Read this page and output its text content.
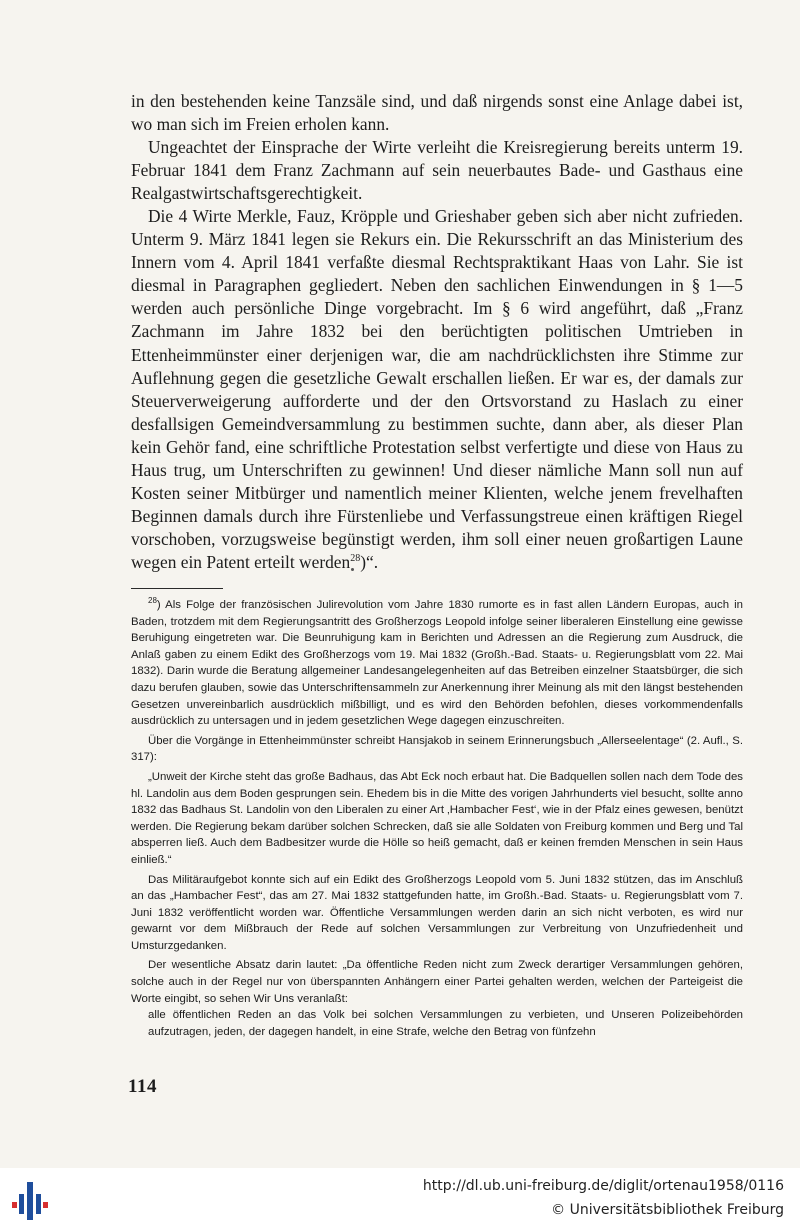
in den bestehenden keine Tanzsäle sind, und daß nirgends sonst eine Anlage dabei ist, wo man sich im Freien erholen kann.

Ungeachtet der Einsprache der Wirte verleiht die Kreisregierung bereits unterm 19. Februar 1841 dem Franz Zachmann auf sein neuerbautes Bade- und Gasthaus eine Realgastwirtschaftsgerechtigkeit.

Die 4 Wirte Merkle, Fauz, Kröpple und Grieshaber geben sich aber nicht zufrieden. Unterm 9. März 1841 legen sie Rekurs ein. Die Rekursschrift an das Ministerium des Innern vom 4. April 1841 verfaßte diesmal Rechtspraktikant Haas von Lahr. Sie ist diesmal in Paragraphen gegliedert. Neben den sachlichen Einwendungen in § 1—5 werden auch persönliche Dinge vorgebracht. Im § 6 wird angeführt, daß „Franz Zachmann im Jahre 1832 bei den berüchtigten politischen Umtrieben in Ettenheimmünster einer derjenigen war, die am nachdrücklichsten ihre Stimme zur Auflehnung gegen die gesetzliche Gewalt erschallen ließen. Er war es, der damals zur Steuerverweigerung aufforderte und der den Ortsvorstand zu Haslach zu einer desfallsigen Gemeindversammlung zu bestimmen suchte, dann aber, als dieser Plan kein Gehör fand, eine schriftliche Protestation selbst verfertigte und diese von Haus zu Haus trug, um Unterschriften zu gewinnen! Und dieser nämliche Mann soll nun auf Kosten seiner Mitbürger und namentlich meiner Klienten, welche jenem frevelhaften Beginnen damals durch ihre Fürstenliebe und Verfassungstreue einen kräftigen Riegel vorschoben, vorzugsweise begünstigt werden, ihm soll einer neuen großartigen Laune wegen ein Patent erteilt werden$^{28}$)“.

$^{28}$) Als Folge der französischen Julirevolution vom Jahre 1830 rumorte es in fast allen Ländern Europas, auch in Baden, trotzdem mit dem Regierungsantritt des Großherzogs Leopold infolge seiner liberaleren Einstellung eine gewisse Beruhigung eingetreten war. Die Beunruhigung kam in Berichten und Adressen an die Regierung zum Ausdruck, die Anlaß gaben zu einem Edikt des Großherzogs vom 19. Mai 1832 (Großh.-Bad. Staats- u. Regierungsblatt vom 22. Mai 1832). Darin wurde die Beratung allgemeiner Landesangelegenheiten auf das Betreiben einzelner Staatsbürger, die sich dazu berufen glauben, sowie das Unterschriftensammeln zur Anerkennung ihrer Meinung als mit den längst bestehenden Gesetzen unvereinbarlich ausdrücklich mißbilligt, und es wird den Behörden befohlen, dieses vorkommendenfalls ausdrücklich zu untersagen und in jedem gesetzlichen Wege dagegen einzuschreiten.

Über die Vorgänge in Ettenheimmünster schreibt Hansjakob in seinem Erinnerungsbuch „Allerseelentage“ (2. Aufl., S. 317):

„Unweit der Kirche steht das große Badhaus, das Abt Eck noch erbaut hat. Die Badquellen sollen nach dem Tode des hl. Landolin aus dem Boden gesprungen sein. Ehedem bis in die Mitte des vorigen Jahrhunderts viel besucht, sollte anno 1832 das Badhaus St. Landolin von den Liberalen zu einer Art ‚Hambacher Fest‘, wie in der Pfalz eines gewesen, benützt werden. Die Regierung bekam darüber solchen Schrecken, daß sie alle Soldaten von Freiburg kommen und Berg und Tal absperren ließ. Auch dem Badbesitzer wurde die Hölle so heiß gemacht, daß er keinen fremden Menschen in sein Haus einließ.“

Das Militäraufgebot konnte sich auf ein Edikt des Großherzogs Leopold vom 5. Juni 1832 stützen, das im Anschluß an das „Hambacher Fest“, das am 27. Mai 1832 stattgefunden hatte, im Großh.-Bad. Staats- u. Regierungsblatt vom 7. Juni 1832 veröffentlicht worden war. Öffentliche Versammlungen werden darin an sich nicht verboten, es wird nur gewarnt vor dem Mißbrauch der Rede auf solchen Versammlungen zur Verbreitung von Unzufriedenheit und Umsturzgedanken.

Der wesentliche Absatz darin lautet: „Da öffentliche Reden nicht zum Zweck derartiger Versammlungen gehören, solche auch in der Regel nur von überspannten Anhängern einer Partei gehalten werden, welchen der Parteigeist die Worte eingibt, so sehen Wir Uns veranlaßt:

alle öffentlichen Reden an das Volk bei solchen Versammlungen zu verbieten, und Unseren Polizeibehörden aufzutragen, jeden, der dagegen handelt, in eine Strafe, welche den Betrag von fünfzehn

114
http://dl.ub.uni-freiburg.de/diglit/ortenau1958/0116
© Universitätsbibliothek Freiburg
